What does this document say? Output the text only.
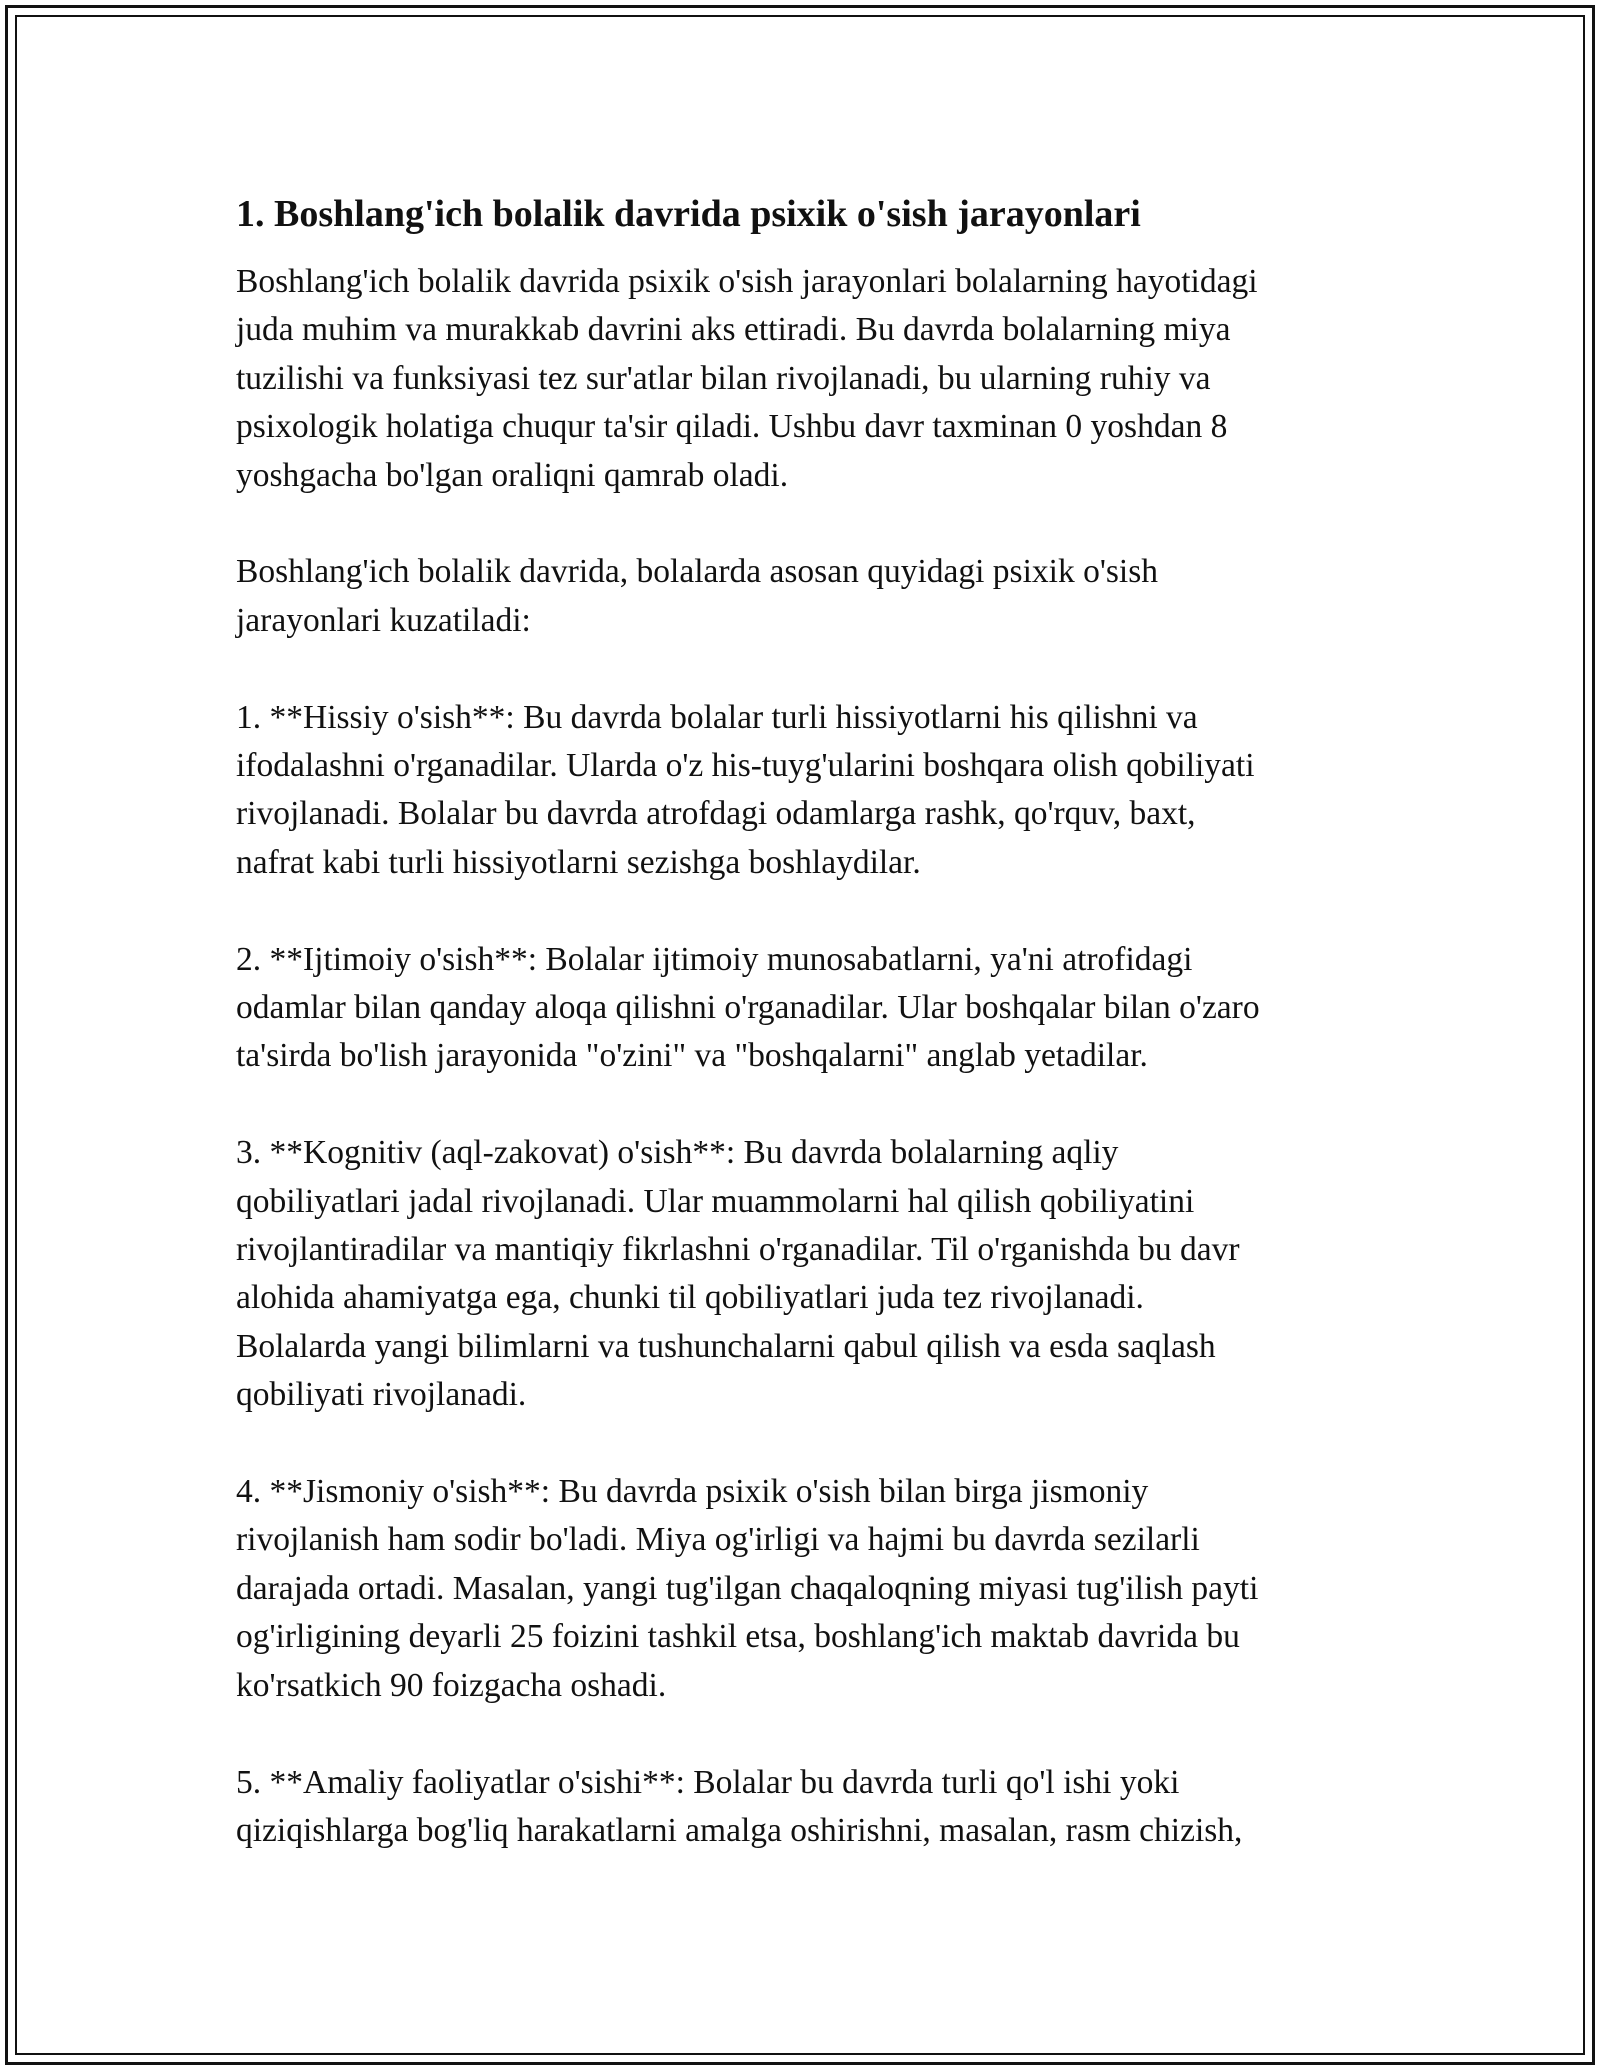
1. Boshlang'ich bolalik davrida psixik o'sish jarayonlari
Boshlang'ich bolalik davrida psixik o'sish jarayonlari bolalarning hayotidagi
juda muhim va murakkab davrini aks ettiradi. Bu davrda bolalarning miya
tuzilishi va funksiyasi tez sur'atlar bilan rivojlanadi, bu ularning ruhiy va
psixologik holatiga chuqur ta'sir qiladi. Ushbu davr taxminan 0 yoshdan 8
yoshgacha bo'lgan oraliqni qamrab oladi.
Boshlang'ich bolalik davrida, bolalarda asosan quyidagi psixik o'sish
jarayonlari kuzatiladi:
1. **Hissiy o'sish**: Bu davrda bolalar turli hissiyotlarni his qilishni va
ifodalashni o'rganadilar. Ularda o'z his-tuyg'ularini boshqara olish qobiliyati
rivojlanadi. Bolalar bu davrda atrofdagi odamlarga rashk, qo'rquv, baxt,
nafrat kabi turli hissiyotlarni sezishga boshlaydilar.
2. **Ijtimoiy o'sish**: Bolalar ijtimoiy munosabatlarni, ya'ni atrofidagi
odamlar bilan qanday aloqa qilishni o'rganadilar. Ular boshqalar bilan o'zaro
ta'sirda bo'lish jarayonida "o'zini" va "boshqalarni" anglab yetadilar.
3. **Kognitiv (aql-zakovat) o'sish**: Bu davrda bolalarning aqliy
qobiliyatlari jadal rivojlanadi. Ular muammolarni hal qilish qobiliyatini
rivojlantiradilar va mantiqiy fikrlashni o'rganadilar. Til o'rganishda bu davr
alohida ahamiyatga ega, chunki til qobiliyatlari juda tez rivojlanadi.
Bolalarda yangi bilimlarni va tushunchalarni qabul qilish va esda saqlash
qobiliyati rivojlanadi.
4. **Jismoniy o'sish**: Bu davrda psixik o'sish bilan birga jismoniy
rivojlanish ham sodir bo'ladi. Miya og'irligi va hajmi bu davrda sezilarli
darajada ortadi. Masalan, yangi tug'ilgan chaqaloqning miyasi tug'ilish payti
og'irligining deyarli 25 foizini tashkil etsa, boshlang'ich maktab davrida bu
ko'rsatkich 90 foizgacha oshadi.
5. **Amaliy faoliyatlar o'sishi**: Bolalar bu davrda turli qo'l ishi yoki
qiziqishlarga bog'liq harakatlarni amalga oshirishni, masalan, rasm chizish,
